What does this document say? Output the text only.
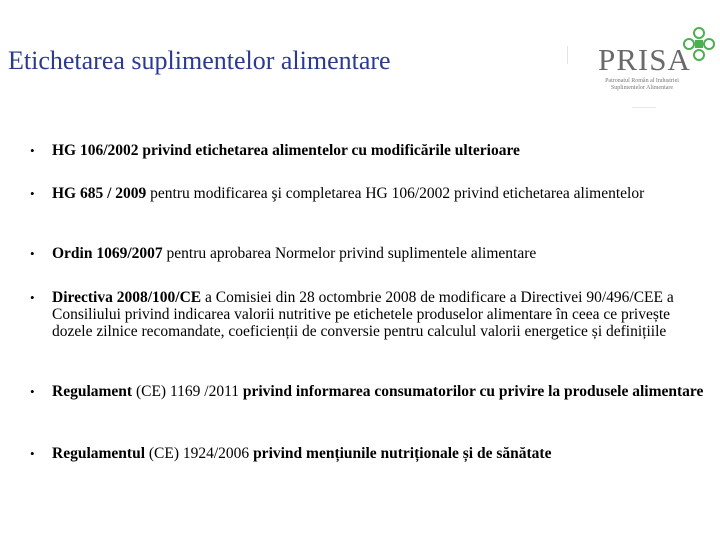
Etichetarea suplimentelor alimentare	PRISA
Patronatul Român al Industriei Suplimentelor Alimentare
• HG 106/2002 privind etichetarea alimentelor cu modificările ulterioare
• HG 685 / 2009 pentru modificarea şi completarea HG 106/2002 privind etichetarea alimentelor
• Ordin 1069/2007 pentru aprobarea Normelor privind suplimentele alimentare
• Directiva 2008/100/CE a Comisiei din 28 octombrie 2008 de modificare a Directivei 90/496/CEE a Consiliului privind indicarea valorii nutritive pe etichetele produselor alimentare în ceea ce privește dozele zilnice recomandate, coeficienții de conversie pentru calculul valorii energetice și definițiile
• Regulament (CE) 1169 /2011 privind informarea consumatorilor cu privire la produsele alimentare
• Regulamentul (CE) 1924/2006 privind mențiunile nutriționale și de sănătate
